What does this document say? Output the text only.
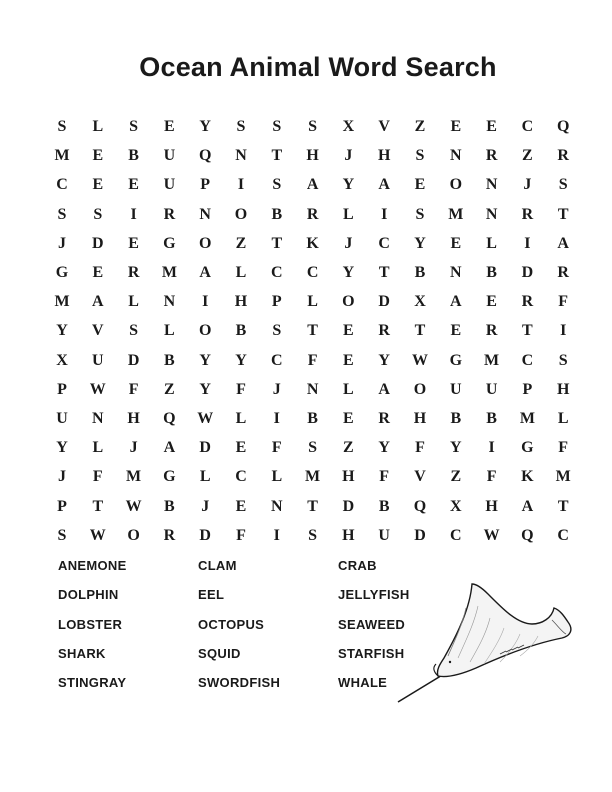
Ocean Animal Word Search
S	L	S	E	Y	S	S	S	X	V	Z	E	E	C	Q
M	E	B	U	Q	N	T	H	J	H	S	N	R	Z	R
C	E	E	U	P	I	S	A	Y	A	E	O	N	J	S
S	S	I	R	N	O	B	R	L	I	S	M	N	R	T
J	D	E	G	O	Z	T	K	J	C	Y	E	L	I	A
G	E	R	M	A	L	C	C	Y	T	B	N	B	D	R
M	A	L	N	I	H	P	L	O	D	X	A	E	R	F
Y	V	S	L	O	B	S	T	E	R	T	E	R	T	I
X	U	D	B	Y	Y	C	F	E	Y	W	G	M	C	S
P	W	F	Z	Y	F	J	N	L	A	O	U	U	P	H
U	N	H	Q	W	L	I	B	E	R	H	B	B	M	L
Y	L	J	A	D	E	F	S	Z	Y	F	Y	I	G	F
J	F	M	G	L	C	L	M	H	F	V	Z	F	K	M
P	T	W	B	J	E	N	T	D	B	Q	X	H	A	T
S	W	O	R	D	F	I	S	H	U	D	C	W	Q	C
ANEMONE
DOLPHIN
LOBSTER
SHARK
STINGRAY
CLAM
EEL
OCTOPUS
SQUID
SWORDFISH
CRAB
JELLYFISH
SEAWEED
STARFISH
WHALE
